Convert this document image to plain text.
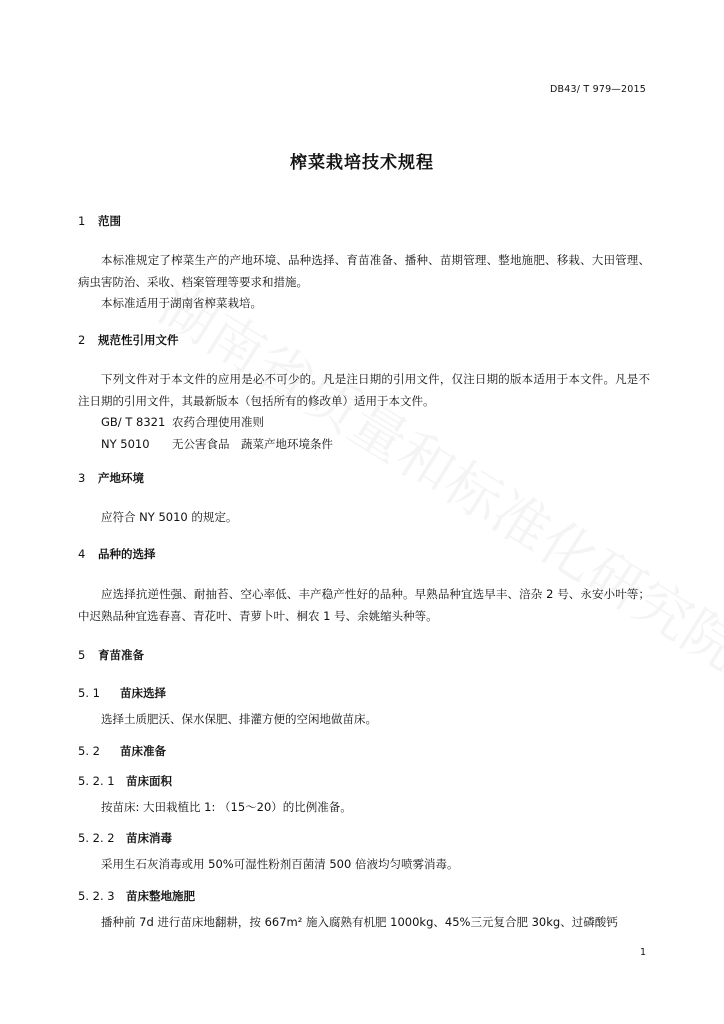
DB43/ T 979—2015
榨菜栽培技术规程
1 范围
本标准规定了榨菜生产的产地环境、品种选择、育苗准备、播种、苗期管理、整地施肥、移栽、大田管理、病虫害防治、采收、档案管理等要求和措施。
本标准适用于湖南省榨菜栽培。
2 规范性引用文件
下列文件对于本文件的应用是必不可少的。凡是注日期的引用文件，仅注日期的版本适用于本文件。凡是不注日期的引用文件，其最新版本（包括所有的修改单）适用于本文件。
GB/ T 8321 农药合理使用准则
NY 5010 无公害食品　蔬菜产地环境条件
3 产地环境
应符合 NY 5010 的规定。
4 品种的选择
应选择抗逆性强、耐抽苔、空心率低、丰产稳产性好的品种。早熟品种宜选早丰、涪杂 2 号、永安小叶等；中迟熟品种宜选春喜、青花叶、青萝卜叶、桐农 1 号、余姚缩头种等。
5 育苗准备
5. 1 苗床选择
选择土质肥沃、保水保肥、排灌方便的空闲地做苗床。
5. 2 苗床准备
5. 2. 1 苗床面积
按苗床: 大田栽植比 1: （15～20）的比例准备。
5. 2. 2 苗床消毒
采用生石灰消毒或用 50%可湿性粉剂百菌清 500 倍液均匀喷雾消毒。
5. 2. 3 苗床整地施肥
播种前 7d 进行苗床地翻耕，按 667m² 施入腐熟有机肥 1000kg、45%三元复合肥 30kg、过磷酸钙
1
